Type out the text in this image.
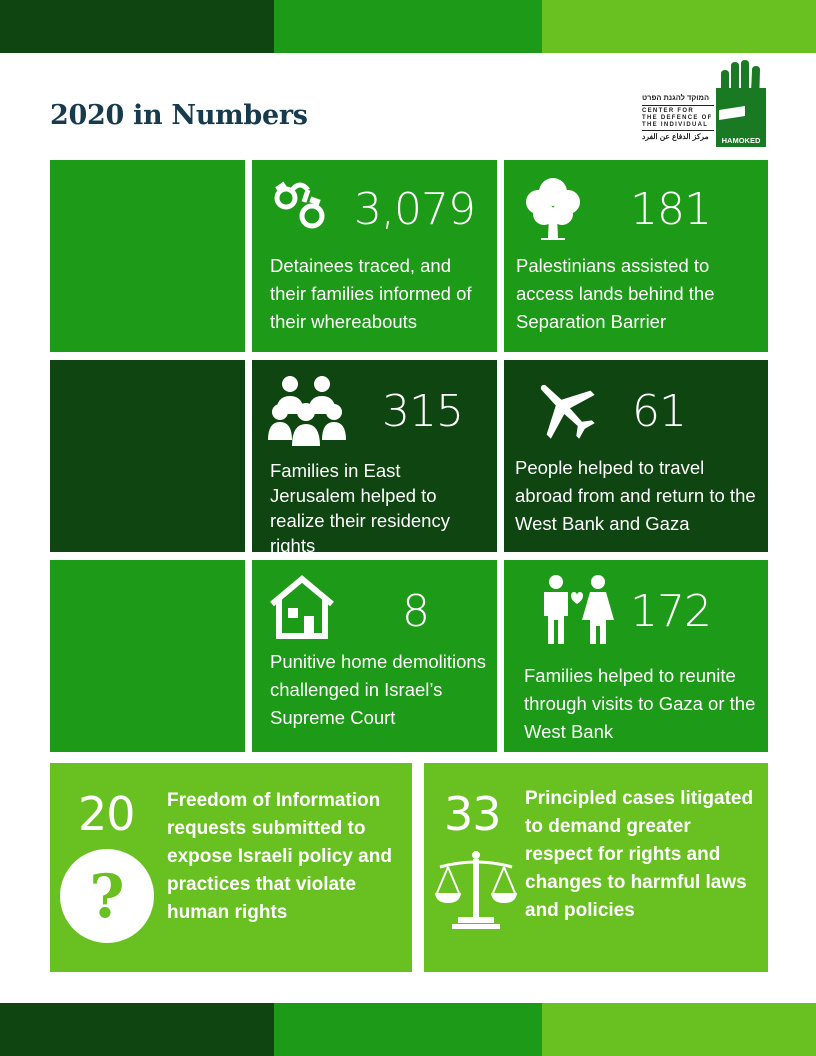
2020 in Numbers
המוקד להגנת הפרט
CENTER FOR
THE DEFENCE OF
THE INDIVIDUAL
مركز الدفاع عن الفرد	HAMOKED
3,079
Detainees traced, and their families informed of their whereabouts
181
Palestinians assisted to access lands behind the Separation Barrier
315
Families in East Jerusalem helped to realize their residency rights
61
People helped to travel abroad from and return to the West Bank and Gaza
8
Punitive home demolitions challenged in Israel’s Supreme Court
172
Families helped to reunite through visits to Gaza or the West Bank
20
?
Freedom of Information requests submitted to expose Israeli policy and practices that violate human rights
33 Principled cases litigated to demand greater respect for rights and changes to harmful laws and policies
